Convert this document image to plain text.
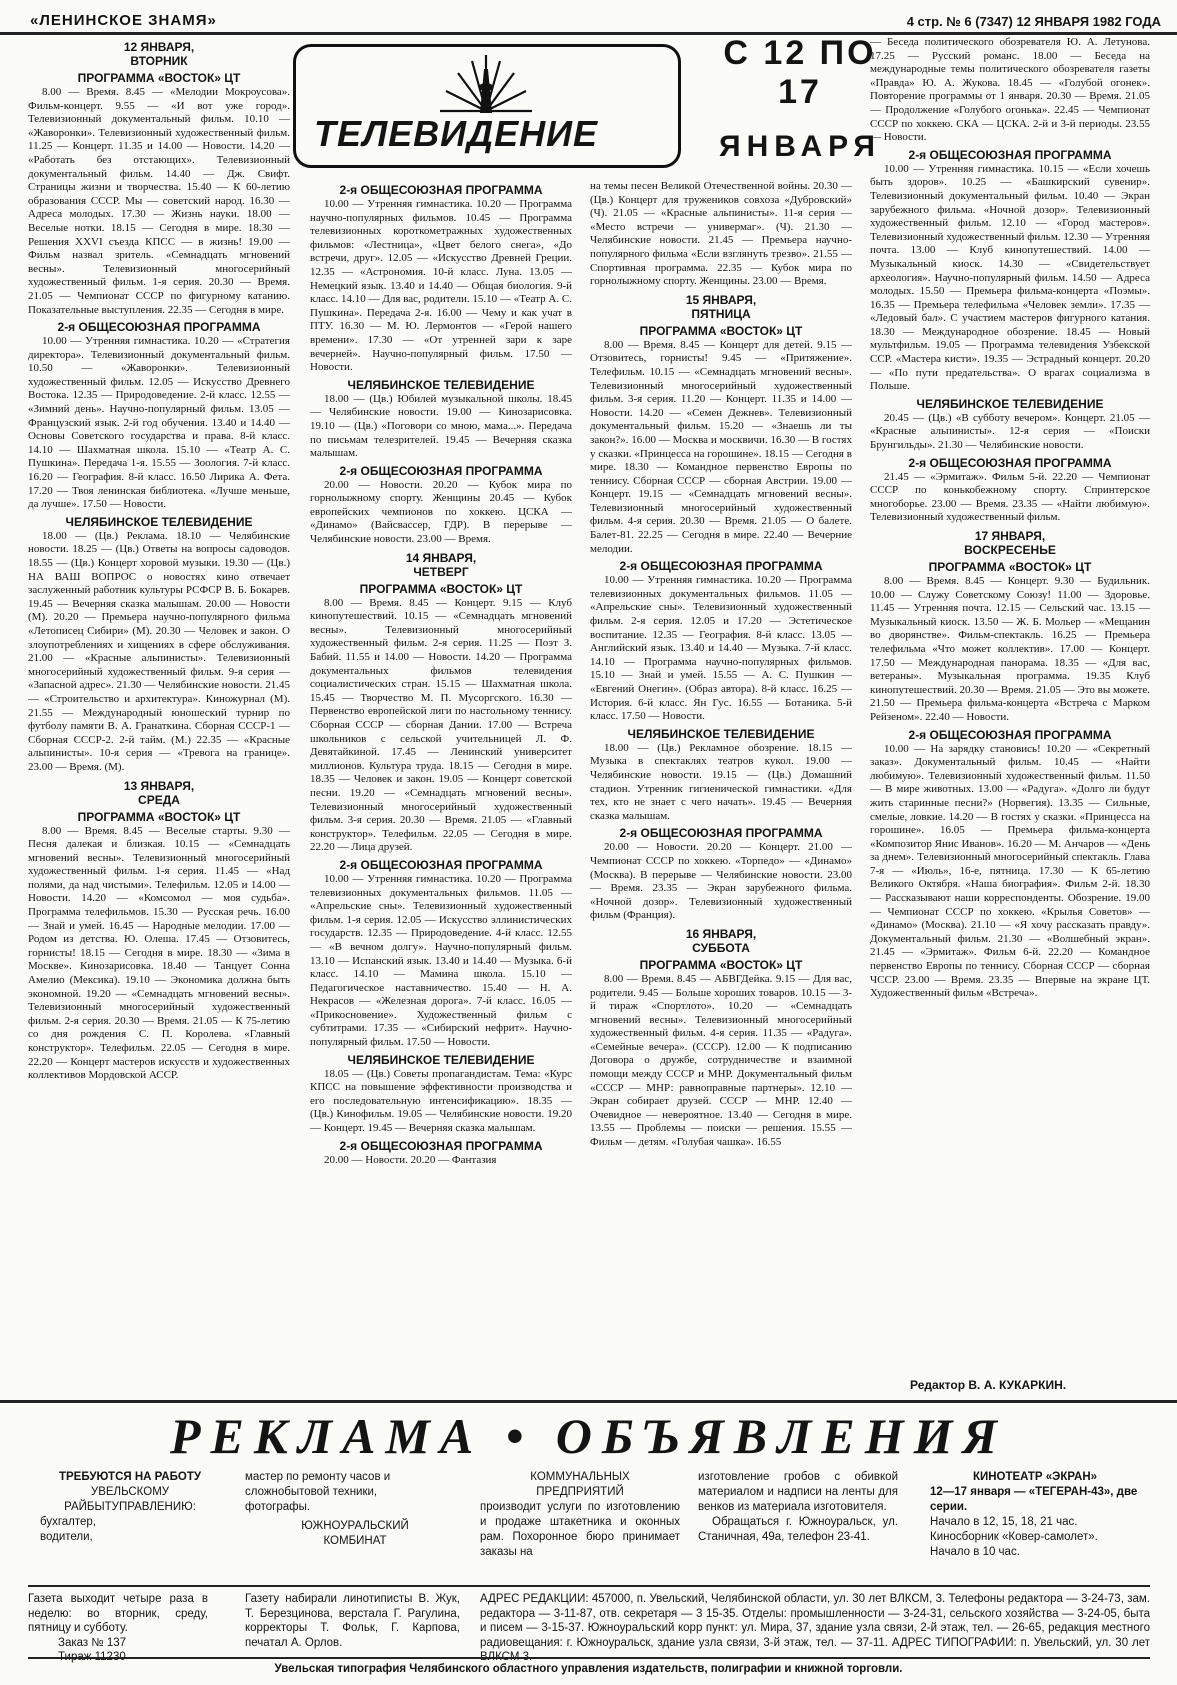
«ЛЕНИНСКОЕ ЗНАМЯ»	4 стр. № 6 (7347) 12 ЯНВАРЯ 1982 ГОДА
12 ЯНВАРЯ,
ВТОРНИК
ПРОГРАММА «ВОСТОК» ЦТ

8.00 — Время. 8.45 — «Мелодии Мокроусова». Фильм-концерт. 9.55 — «И вот уже город». Телевизионный документальный фильм. 10.10 — «Жаворонки». Телевизионный художественный фильм. 11.25 — Концерт. 11.35 и 14.00 — Новости. 14.20 — «Работать без отстающих». Телевизионный документальный фильм. 14.40 — Дж. Свифт. Страницы жизни и творчества. 15.40 — К 60-летию образования СССР. Мы — советский народ. 16.30 — Адреса молодых. 17.30 — Жизнь науки. 18.00 — Веселые нотки. 18.15 — Сегодня в мире. 18.30 — Решения XXVI съезда КПСС — в жизнь! 19.00 — Фильм назвал зритель. «Семнадцать мгновений весны». Телевизионный многосерийный художественный фильм. 1-я серия. 20.30 — Время. 21.05 — Чемпионат СССР по фигурному катанию. Показательные выступления. 22.35 — Сегодня в мире.

2-я ОБЩЕСОЮЗНАЯ ПРОГРАММА

10.00 — Утренняя гимнастика. 10.20 — «Стратегия директора». Телевизионный документальный фильм. 10.50 — «Жаворонки». Телевизионный художественный фильм. 12.05 — Искусство Древнего Востока. 12.35 — Природоведение. 2-й класс. 12.55 — «Зимний день». Научно-популярный фильм. 13.05 — Французский язык. 2-й год обучения. 13.40 и 14.40 — Основы Советского государства и права. 8-й класс. 14.10 — Шахматная школа. 15.10 — «Театр А. С. Пушкина». Передача 1-я. 15.55 — Зоология. 7-й класс. 16.20 — География. 8-й класс. 16.50 Лирика А. Фета. 17.20 — Твоя ленинская библиотека. «Лучше меньше, да лучше». 17.50 — Новости.

ЧЕЛЯБИНСКОЕ ТЕЛЕВИДЕНИЕ

18.00 — (Цв.) Реклама. 18.10 — Челябинские новости. 18.25 — (Цв.) Ответы на вопросы садоводов. 18.55 — (Цв.) Концерт хоровой музыки. 19.30 — (Цв.) НА ВАШ ВОПРОС о новостях кино отвечает заслуженный работник культуры РСФСР В. Б. Бокарев. 19.45 — Вечерняя сказка малышам. 20.00 — Новости (М). 20.20 — Премьера научно-популярного фильма «Летописец Сибири» (М). 20.30 — Человек и закон. О злоупотреблениях и хищениях в сфере обслуживания. 21.00 — «Красные альпинисты». Телевизионный многосерийный художественный фильм. 9-я серия — «Запасной адрес». 21.30 — Челябинские новости. 21.45 — «Строительство и архитектура». Киножурнал (М). 21.55 — Международный юношеский турнир по футболу памяти В. А. Гранаткина. Сборная СССР-1 — Сборная СССР-2. 2-й тайм. (М.) 22.35 — «Красные альпинисты». 10-я серия — «Тревога на границе». 23.00 — Время. (М).

13 ЯНВАРЯ,
СРЕДА
ПРОГРАММА «ВОСТОК» ЦТ

8.00 — Время. 8.45 — Веселые старты. 9.30 — Песня далекая и близкая. 10.15 — «Семнадцать мгновений весны». Телевизионный многосерийный художественный фильм. 1-я серия. 11.45 — «Над полями, да над чистыми». Телефильм. 12.05 и 14.00 — Новости. 14.20 — «Комсомол — моя судьба». Программа телефильмов. 15.30 — Русская речь. 16.00 — Знай и умей. 16.45 — Народные мелодии. 17.00 — Родом из детства. Ю. Олеша. 17.45 — Отзовитесь, горнисты! 18.15 — Сегодня в мире. 18.30 — «Зима в Москве». Кинозарисовка. 18.40 — Танцует Сонна Амелио (Мексика). 19.10 — Экономика должна быть экономной. 19.20 — «Семнадцать мгновений весны». Телевизионный многосерийный художественный фильм. 2-я серия. 20.30 — Время. 21.05 — К 75-летию со дня рождения С. П. Королева. «Главный конструктор». Телефильм. 22.05 — Сегодня в мире. 22.20 — Концерт мастеров искусств и художественных коллективов Мордовской АССР.

ТЕЛЕВИДЕНИЕ
С 12 ПО 17
ЯНВАРЯ
2-я ОБЩЕСОЮЗНАЯ ПРОГРАММА

10.00 — Утренняя гимнастика. 10.20 — Программа научно-популярных фильмов. 10.45 — Программа телевизионных короткометражных художественных фильмов: «Лестница», «Цвет белого снега», «До встречи, друг». 12.05 — «Искусство Древней Греции. 12.35 — «Астрономия. 10-й класс. Луна. 13.05 — Немецкий язык. 13.40 и 14.40 — Общая биология. 9-й класс. 14.10 — Для вас, родители. 15.10 — «Театр А. С. Пушкина». Передача 2-я. 16.00 — Чему и как учат в ПТУ. 16.30 — М. Ю. Лермонтов — «Герой нашего времени». 17.30 — «От утренней зари к заре вечерней». Научно-популярный фильм. 17.50 — Новости.

ЧЕЛЯБИНСКОЕ ТЕЛЕВИДЕНИЕ

18.00 — (Цв.) Юбилей музыкальной школы. 18.45 — Челябинские новости. 19.00 — Кинозарисовка. 19.10 — (Цв.) «Поговори со мною, мама...». Передача по письмам телезрителей. 19.45 — Вечерняя сказка малышам.

2-я ОБЩЕСОЮЗНАЯ ПРОГРАММА

20.00 — Новости. 20.20 — Кубок мира по горнолыжному спорту. Женщины 20.45 — Кубок европейских чемпионов по хоккею. ЦСКА — «Динамо» (Вайсвассер, ГДР). В перерыве — Челябинские новости. 23.00 — Время.

14 ЯНВАРЯ,
ЧЕТВЕРГ
ПРОГРАММА «ВОСТОК» ЦТ

8.00 — Время. 8.45 — Концерт. 9.15 — Клуб кинопутешествий. 10.15 — «Семнадцать мгновений весны». Телевизионный многосерийный художественный фильм. 2-я серия. 11.25 — Поэт З. Бабий. 11.55 и 14.00 — Новости. 14.20 — Программа документальных фильмов телевидения социалистических стран. 15.15 — Шахматная школа. 15.45 — Творчество М. П. Мусоргского. 16.30 — Первенство европейской лиги по настольному теннису. Сборная СССР — сборная Дании. 17.00 — Встреча школьников с сельской учительницей Л. Ф. Девятайкиной. 17.45 — Ленинский университет миллионов. Культура труда. 18.15 — Сегодня в мире. 18.35 — Человек и закон. 19.05 — Концерт советской песни. 19.20 — «Семнадцать мгновений весны». Телевизионный многосерийный художественный фильм. 3-я серия. 20.30 — Время. 21.05 — «Главный конструктор». Телефильм. 22.05 — Сегодня в мире. 22.20 — Лица друзей.

2-я ОБЩЕСОЮЗНАЯ ПРОГРАММА

10.00 — Утренняя гимнастика. 10.20 — Программа телевизионных документальных фильмов. 11.05 — «Апрельские сны». Телевизионный художественный фильм. 1-я серия. 12.05 — Искусство эллинистических государств. 12.35 — Природоведение. 4-й класс. 12.55 — «В вечном долгу». Научно-популярный фильм. 13.10 — Испанский язык. 13.40 и 14.40 — Музыка. 6-й класс. 14.10 — Мамина школа. 15.10 — Педагогическое наставничество. 15.40 — Н. А. Некрасов — «Железная дорога». 7-й класс. 16.05 — «Прикосновение». Художественный фильм с субтитрами. 17.35 — «Сибирский нефрит». Научно-популярный фильм. 17.50 — Новости.

ЧЕЛЯБИНСКОЕ ТЕЛЕВИДЕНИЕ

18.05 — (Цв.) Советы пропагандистам. Тема: «Курс КПСС на повышение эффективности производства и его последовательную интенсификацию». 18.35 — (Цв.) Кинофильм. 19.05 — Челябинские новости. 19.20 — Концерт. 19.45 — Вечерняя сказка малышам.

2-я ОБЩЕСОЮЗНАЯ ПРОГРАММА

20.00 — Новости. 20.20 — Фантазия

на темы песен Великой Отечественной войны. 20.30 — (Цв.) Концерт для тружеников совхоза «Дубровский» (Ч). 21.05 — «Красные альпинисты». 11-я серия — «Место встречи — универмаг». (Ч). 21.30 — Челябинские новости. 21.45 — Премьера научно-популярного фильма «Если взглянуть трезво». 21.55 — Спортивная программа. 22.35 — Кубок мира по горнолыжному спорту. Женщины. 23.00 — Время.

15 ЯНВАРЯ,
ПЯТНИЦА
ПРОГРАММА «ВОСТОК» ЦТ

8.00 — Время. 8.45 — Концерт для детей. 9.15 — Отзовитесь, горнисты! 9.45 — «Притяжение». Телефильм. 10.15 — «Семнадцать мгновений весны». Телевизионный многосерийный художественный фильм. 3-я серия. 11.20 — Концерт. 11.35 и 14.00 — Новости. 14.20 — «Семен Дежнев». Телевизионный документальный фильм. 15.20 — «Знаешь ли ты закон?». 16.00 — Москва и москвичи. 16.30 — В гостях у сказки. «Принцесса на горошине». 18.15 — Сегодня в мире. 18.30 — Командное первенство Европы по теннису. Сборная СССР — сборная Австрии. 19.00 — Концерт. 19.15 — «Семнадцать мгновений весны». Телевизионный многосерийный художественный фильм. 4-я серия. 20.30 — Время. 21.05 — О балете. Балет-81. 22.25 — Сегодня в мире. 22.40 — Вечерние мелодии.

2-я ОБЩЕСОЮЗНАЯ ПРОГРАММА

10.00 — Утренняя гимнастика. 10.20 — Программа телевизионных документальных фильмов. 11.05 — «Апрельские сны». Телевизионный художественный фильм. 2-я серия. 12.05 и 17.20 — Эстетическое воспитание. 12.35 — География. 8-й класс. 13.05 — Английский язык. 13.40 и 14.40 — Музыка. 7-й класс. 14.10 — Программа научно-популярных фильмов. 15.10 — Знай и умей. 15.55 — А. С. Пушкин — «Евгений Онегин». (Образ автора). 8-й класс. 16.25 — История. 6-й класс. Ян Гус. 16.55 — Ботаника. 5-й класс. 17.50 — Новости.

ЧЕЛЯБИНСКОЕ ТЕЛЕВИДЕНИЕ

18.00 — (Цв.) Рекламное обозрение. 18.15 — Музыка в спектаклях театров кукол. 19.00 — Челябинские новости. 19.15 — (Цв.) Домашний стадион. Утренник гигиенической гимнастики. «Для тех, кто не знает с чего начать». 19.45 — Вечерняя сказка малышам.

2-я ОБЩЕСОЮЗНАЯ ПРОГРАММА

20.00 — Новости. 20.20 — Концерт. 21.00 — Чемпионат СССР по хоккею. «Торпедо» — «Динамо» (Москва). В перерыве — Челябинские новости. 23.00 — Время. 23.35 — Экран зарубежного фильма. «Ночной дозор». Телевизионный художественный фильм (Франция).

16 ЯНВАРЯ,
СУББОТА
ПРОГРАММА «ВОСТОК» ЦТ

8.00 — Время. 8.45 — АБВГДейка. 9.15 — Для вас, родители. 9.45 — Больше хороших товаров. 10.15 — 3-й тираж «Спортлото». 10.20 — «Семнадцать мгновений весны». Телевизионный многосерийный художественный фильм. 4-я серия. 11.35 — «Радуга». «Семейные вечера». (СССР). 12.00 — К подписанию Договора о дружбе, сотрудничестве и взаимной помощи между СССР и МНР. Документальный фильм «СССР — МНР: равноправные партнеры». 12.10 — Экран собирает друзей. СССР — МНР. 12.40 — Очевидное — невероятное. 13.40 — Сегодня в мире. 13.55 — Проблемы — поиски — решения. 15.55 — Фильм — детям. «Голубая чашка». 16.55

— Беседа политического обозревателя Ю. А. Летунова. 17.25 — Русский романс. 18.00 — Беседа на международные темы политического обозревателя газеты «Правда» Ю. А. Жукова. 18.45 — «Голубой огонек». Повторение программы от 1 января. 20.30 — Время. 21.05 — Продолжение «Голубого огонька». 22.45 — Чемпионат СССР по хоккею. СКА — ЦСКА. 2-й и 3-й периоды. 23.55 — Новости.

2-я ОБЩЕСОЮЗНАЯ ПРОГРАММА

10.00 — Утренняя гимнастика. 10.15 — «Если хочешь быть здоров». 10.25 — «Башкирский сувенир». Телевизионный документальный фильм. 10.40 — Экран зарубежного фильма. «Ночной дозор». Телевизионный художественный фильм. 12.10 — «Город мастеров». Телевизионный художественный фильм. 12.30 — Утренняя почта. 13.00 — Клуб кинопутешествий. 14.00 — Музыкальный киоск. 14.30 — «Свидетельствует археология». Научно-популярный фильм. 14.50 — Адреса молодых. 15.50 — Премьера фильма-концерта «Поэмы». 16.35 — Премьера телефильма «Человек земли». 17.35 — «Ледовый бал». С участием мастеров фигурного катания. 18.30 — Международное обозрение. 18.45 — Новый мультфильм. 19.05 — Программа телевидения Узбекской ССР. «Мастера кисти». 19.35 — Эстрадный концерт. 20.20 — «По пути предательства». О врагах социализма в Польше.

ЧЕЛЯБИНСКОЕ ТЕЛЕВИДЕНИЕ

20.45 — (Цв.) «В субботу вечером». Концерт. 21.05 — «Красные альпинисты». 12-я серия — «Поиски Брунгильды». 21.30 — Челябинские новости.

2-я ОБЩЕСОЮЗНАЯ ПРОГРАММА

21.45 — «Эрмитаж». Фильм 5-й. 22.20 — Чемпионат СССР по конькобежному спорту. Спринтерское многоборье. 23.00 — Время. 23.35 — «Найти любимую». Телевизионный художественный фильм.

17 ЯНВАРЯ,
ВОСКРЕСЕНЬЕ
ПРОГРАММА «ВОСТОК» ЦТ

8.00 — Время. 8.45 — Концерт. 9.30 — Будильник. 10.00 — Служу Советскому Союзу! 11.00 — Здоровье. 11.45 — Утренняя почта. 12.15 — Сельский час. 13.15 — Музыкальный киоск. 13.50 — Ж. Б. Мольер — «Мещанин во дворянстве». Фильм-спектакль. 16.25 — Премьера телефильма «Что может коллектив». 17.00 — Концерт. 17.50 — Международная панорама. 18.35 — «Для вас, ветераны». Музыкальная программа. 19.35 Клуб кинопутешествий. 20.30 — Время. 21.05 — Это вы можете. 21.50 — Премьера фильма-концерта «Встреча с Марком Рейзеном». 22.40 — Новости.

2-я ОБЩЕСОЮЗНАЯ ПРОГРАММА

10.00 — На зарядку становись! 10.20 — «Секретный заказ». Документальный фильм. 10.45 — «Найти любимую». Телевизионный художественный фильм. 11.50 — В мире животных. 13.00 — «Радуга». «Долго ли будут жить старинные песни?» (Норвегия). 13.35 — Сильные, смелые, ловкие. 14.20 — В гостях у сказки. «Принцесса на горошине». 16.05 — Премьера фильма-концерта «Композитор Янис Иванов». 16.20 — М. Анчаров — «День за днем». Телевизионный многосерийный спектакль. Глава 7-я — «Июль», 16-е, пятница. 17.30 — К 65-летию Великого Октября. «Наша биография». Фильм 2-й. 18.30 — Рассказывают наши корреспонденты. Обозрение. 19.00 — Чемпионат СССР по хоккею. «Крылья Советов» — «Динамо» (Москва). 21.10 — «Я хочу рассказать правду». Документальный фильм. 21.30 — «Волшебный экран». 21.45 — «Эрмитаж». Фильм 6-й. 22.20 — Командное первенство Европы по теннису. Сборная СССР — сборная ЧССР. 23.00 — Время. 23.35 — Впервые на экране ЦТ. Художественный фильм «Встреча».

Редактор В. А. КУКАРКИН.
РЕКЛАМА • ОБЪЯВЛЕНИЯ
ТРЕБУЮТСЯ НА РАБОТУ
УВЕЛЬСКОМУ
РАЙБЫТУПРАВЛЕНИЮ:
бухгалтер,
водители,
мастер по ремонту часов и
сложнобытовой техники,
фотографы.
ЮЖНОУРАЛЬСКИЙ
КОМБИНАТ
КОММУНАЛЬНЫХ
ПРЕДПРИЯТИЙ
производит услуги по изготовлению и продаже штакетника и оконных рам. Похоронное бюро принимает заказы на
изготовление гробов с обивкой материалом и надписи на ленты для венков из материала изготовителя.
Обращаться г. Южноуральск, ул. Станичная, 49а, телефон 23-41.
КИНОТЕАТР «ЭКРАН»
12—17 января — «ТЕГЕРАН-43», две серии.
Начало в 12, 15, 18, 21 час.
Киносборник «Ковер-самолет».
Начало в 10 час.
Газета выходит четыре раза в неделю: во вторник, среду, пятницу и субботу.
Заказ № 137
Газету набирали линотиписты В. Жук, Т. Березцинова, верстала Г. Рагулина, корректоры Т. Фольк, Г. Карпова, печатал А. Орлов.
АДРЕС РЕДАКЦИИ: 457000, п. Увельский, Челябинской области, ул. 30 лет ВЛКСМ, 3. Телефоны редактора — 3-24-73, зам. редактора — 3-11-87, отв. секретаря — 3 15-35. Отделы: промышленности — 3-24-31, сельского хозяйства — 3-24-05, быта и писем — 3-15-37. Южноуральский корр пункт: ул. Мира, 37, здание узла связи, 2-й этаж, тел. — 26-65, редакция местного радиовещания: г. Южноуральск, здание узла связи, 3-й этаж, тел. — 37-11. АДРЕС ТИПОГРАФИИ: п. Увельский, ул. 30 лет
Увельская типография Челябинского областного управления издательств, полиграфии и книжной торговли.
